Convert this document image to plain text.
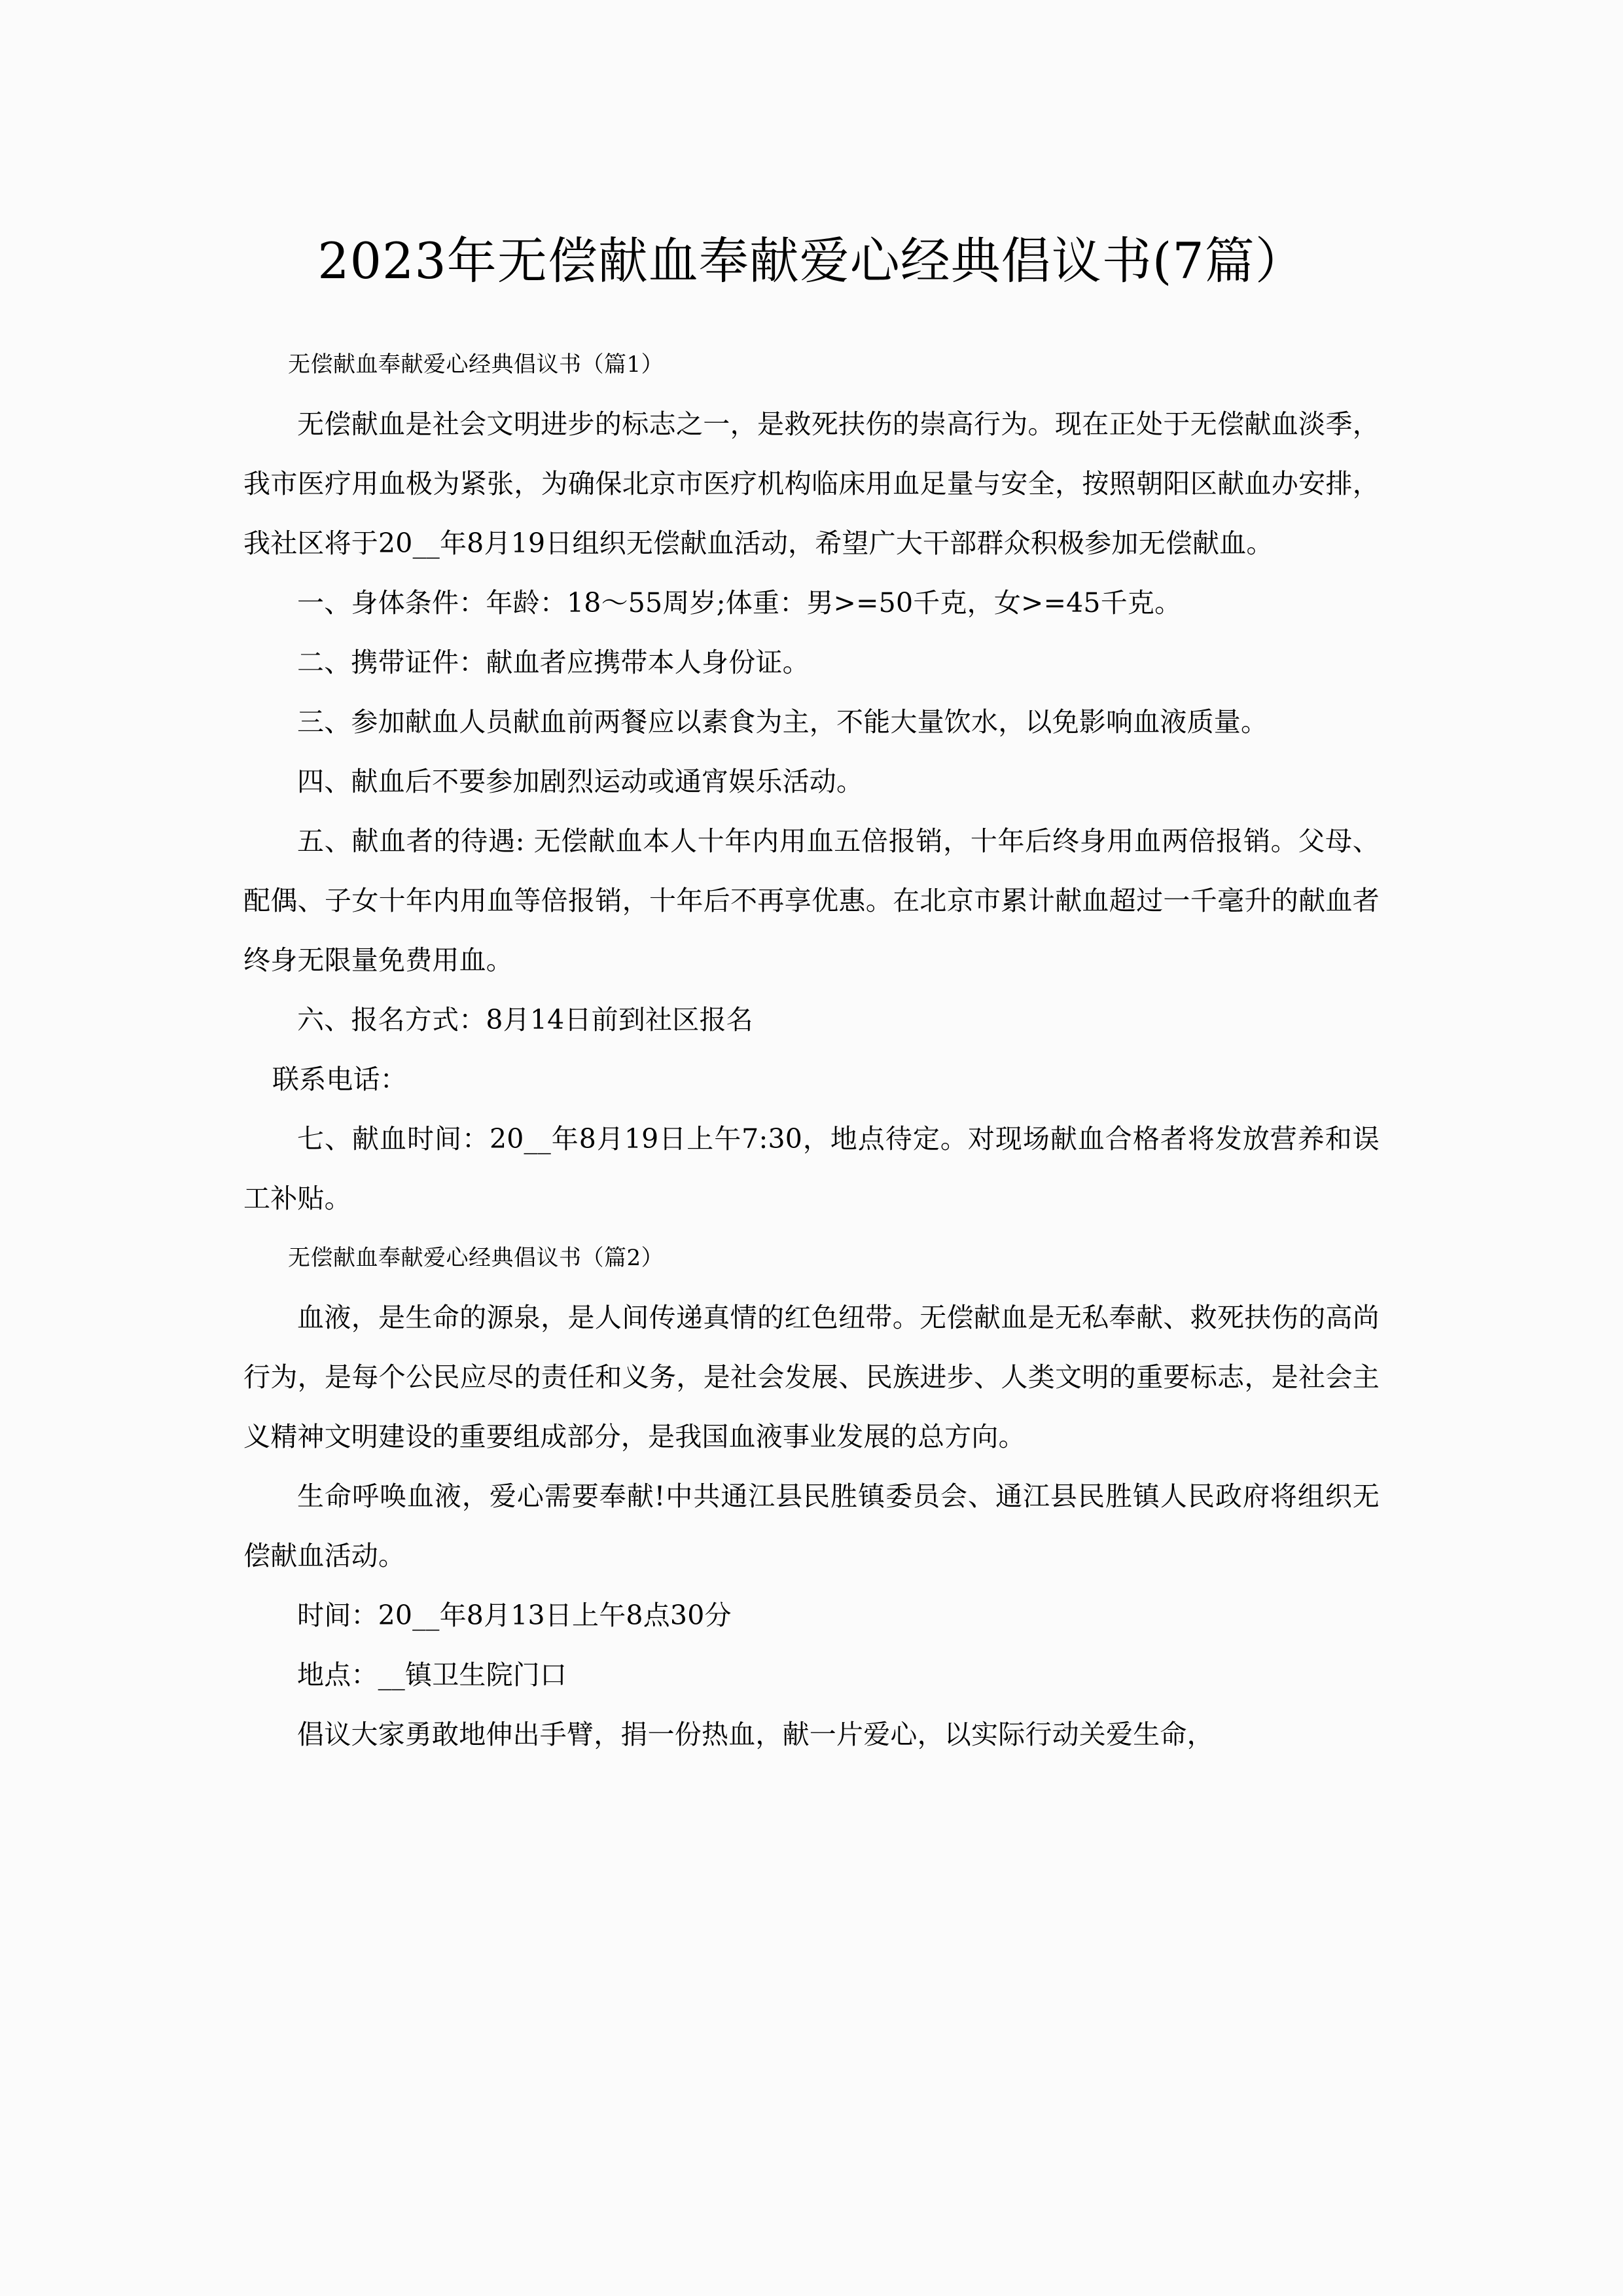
2023年无偿献血奉献爱心经典倡议书(7篇）

无偿献血奉献爱心经典倡议书（篇1）

无偿献血是社会文明进步的标志之一，是救死扶伤的崇高行为。现在正处于无偿献血淡季，我市医疗用血极为紧张，为确保北京市医疗机构临床用血足量与安全，按照朝阳区献血办安排，我社区将于20__年8月19日组织无偿献血活动，希望广大干部群众积极参加无偿献血。

一、身体条件：年龄：18～55周岁;体重：男>=50千克，女>=45千克。

二、携带证件：献血者应携带本人身份证。

三、参加献血人员献血前两餐应以素食为主，不能大量饮水，以免影响血液质量。

四、献血后不要参加剧烈运动或通宵娱乐活动。

五、献血者的待遇: 无偿献血本人十年内用血五倍报销，十年后终身用血两倍报销。父母、配偶、子女十年内用血等倍报销，十年后不再享优惠。在北京市累计献血超过一千毫升的献血者终身无限量免费用血。

六、报名方式：8月14日前到社区报名

联系电话：

七、献血时间：20__年8月19日上午7:30，地点待定。对现场献血合格者将发放营养和误工补贴。

无偿献血奉献爱心经典倡议书（篇2）

血液，是生命的源泉，是人间传递真情的红色纽带。无偿献血是无私奉献、救死扶伤的高尚行为，是每个公民应尽的责任和义务，是社会发展、民族进步、人类文明的重要标志，是社会主义精神文明建设的重要组成部分，是我国血液事业发展的总方向。

生命呼唤血液，爱心需要奉献!中共通江县民胜镇委员会、通江县民胜镇人民政府将组织无偿献血活动。

时间：20__年8月13日上午8点30分

地点：__镇卫生院门口

倡议大家勇敢地伸出手臂，捐一份热血，献一片爱心，以实际行动关爱生命，
